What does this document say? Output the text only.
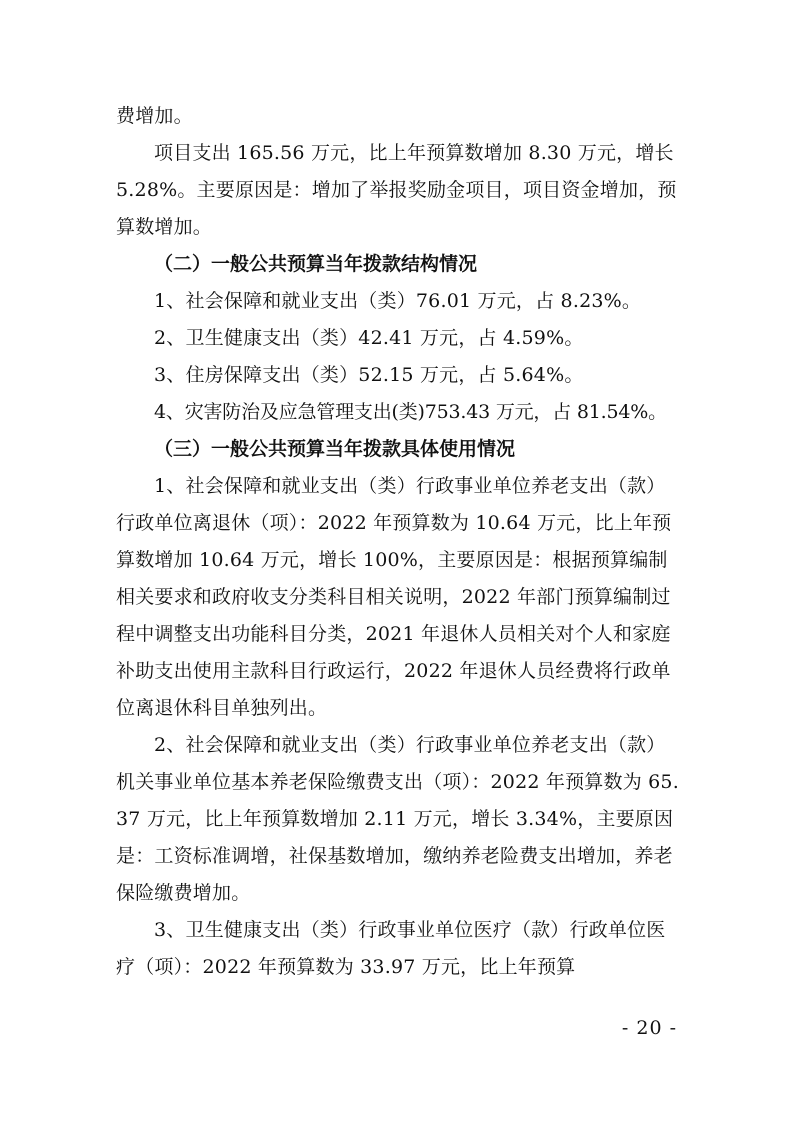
费增加。

项目支出 165.56 万元，比上年预算数增加 8.30 万元，增长 5.28%。主要原因是：增加了举报奖励金项目，项目资金增加，预算数增加。

（二）一般公共预算当年拨款结构情况

1、社会保障和就业支出（类）76.01 万元，占 8.23%。

2、卫生健康支出（类）42.41 万元，占 4.59%。

3、住房保障支出（类）52.15 万元，占 5.64%。

4、灾害防治及应急管理支出(类)753.43 万元，占 81.54%。

（三）一般公共预算当年拨款具体使用情况

1、社会保障和就业支出（类）行政事业单位养老支出（款）行政单位离退休（项）：2022 年预算数为 10.64 万元，比上年预算数增加 10.64 万元，增长 100%，主要原因是：根据预算编制相关要求和政府收支分类科目相关说明，2022 年部门预算编制过程中调整支出功能科目分类，2021 年退休人员相关对个人和家庭补助支出使用主款科目行政运行，2022 年退休人员经费将行政单位离退休科目单独列出。

2、社会保障和就业支出（类）行政事业单位养老支出（款）机关事业单位基本养老保险缴费支出（项）：2022 年预算数为 65.37 万元，比上年预算数增加 2.11 万元，增长 3.34%，主要原因是：工资标准调增，社保基数增加，缴纳养老险费支出增加，养老保险缴费增加。

3、卫生健康支出（类）行政事业单位医疗（款）行政单位医疗（项）：2022 年预算数为 33.97 万元，比上年预算

- 20 -
